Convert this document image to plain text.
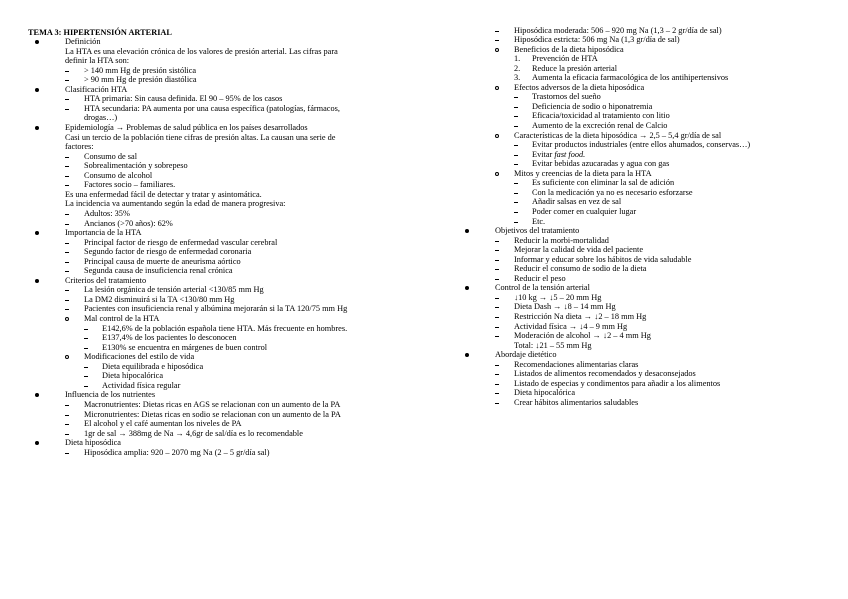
TEMA 3: HIPERTENSIÓN ARTERIAL
Definición
La HTA es una elevación crónica de los valores de presión arterial. Las cifras para
definir la HTA son:
> 140 mm Hg de presión sistólica
> 90 mm Hg de presión diastólica
Clasificación HTA
HTA primaria: Sin causa definida. El 90 – 95% de los casos
HTA secundaria: PA aumenta por una causa específica (patologías, fármacos,
drogas…)
Epidemiología → Problemas de salud pública en los países desarrollados
Casi un tercio de la población tiene cifras de presión altas. La causan una serie de
factores:
Consumo de sal
Sobrealimentación y sobrepeso
Consumo de alcohol
Factores socio – familiares.
Es una enfermedad fácil de detectar y tratar y asintomática.
La incidencia va aumentando según la edad de manera progresiva:
Adultos: 35%
Ancianos (>70 años): 62%
Importancia de la HTA
Principal factor de riesgo de enfermedad vascular cerebral
Segundo factor de riesgo de enfermedad coronaria
Principal causa de muerte de aneurisma aórtico
Segunda causa de insuficiencia renal crónica
Criterios del tratamiento
La lesión orgánica de tensión arterial <130/85 mm Hg
La DM2 disminuirá si la TA <130/80 mm Hg
Pacientes con insuficiencia renal y albúmina mejorarán si la TA 120/75 mm Hg
Mal control de la HTA
E142,6% de la población española tiene HTA. Más frecuente en hombres.
E137,4% de los pacientes lo desconocen
E130% se encuentra en márgenes de buen control
Modificaciones del estilo de vida
Dieta equilibrada e hiposódica
Dieta hipocalórica
Actividad física regular
Influencia de los nutrientes
Macronutrientes: Dietas ricas en AGS se relacionan con un aumento de la PA
Micronutrientes: Dietas ricas en sodio se relacionan con un aumento de la PA
El alcohol y el café aumentan los niveles de PA
1gr de sal → 388mg de Na → 4,6gr de sal/día es lo recomendable
Dieta hiposódica
Hiposódica amplia: 920 – 2070 mg Na (2 – 5 gr/día sal)
Hiposódica moderada: 506 – 920 mg Na (1,3 – 2 gr/día de sal)
Hiposódica estricta: 506 mg Na (1,3 gr/día de sal)
Beneficios de la dieta hiposódica
1. Prevención de HTA
2. Reduce la presión arterial
3. Aumenta la eficacia farmacológica de los antihipertensivos
Efectos adversos de la dieta hiposódica
Trastornos del sueño
Deficiencia de sodio o hiponatremia
Eficacia/toxicidad al tratamiento con litio
Aumento de la excreción renal de Calcio
Características de la dieta hiposódica → 2,5 – 5,4 gr/día de sal
Evitar productos industriales (entre ellos ahumados, conservas…)
Evitar fast food.
Evitar bebidas azucaradas y agua con gas
Mitos y creencias de la dieta para la HTA
Es suficiente con eliminar la sal de adición
Con la medicación ya no es necesario esforzarse
Añadir salsas en vez de sal
Poder comer en cualquier lugar
Etc.
Objetivos del tratamiento
Reducir la morbi-mortalidad
Mejorar la calidad de vida del paciente
Informar y educar sobre los hábitos de vida saludable
Reducir el consumo de sodio de la dieta
Reducir el peso
Control de la tensión arterial
↓10 kg → ↓5 – 20 mm Hg
Dieta Dash → ↓8 – 14 mm Hg
Restricción Na dieta → ↓2 – 18 mm Hg
Actividad física → ↓4 – 9 mm Hg
Moderación de alcohol → ↓2 – 4 mm Hg
Total: ↓21 – 55 mm Hg
Abordaje dietético
Recomendaciones alimentarias claras
Listados de alimentos recomendados y desaconsejados
Listado de especias y condimentos para añadir a los alimentos
Dieta hipocalórica
Crear hábitos alimentarios saludables
